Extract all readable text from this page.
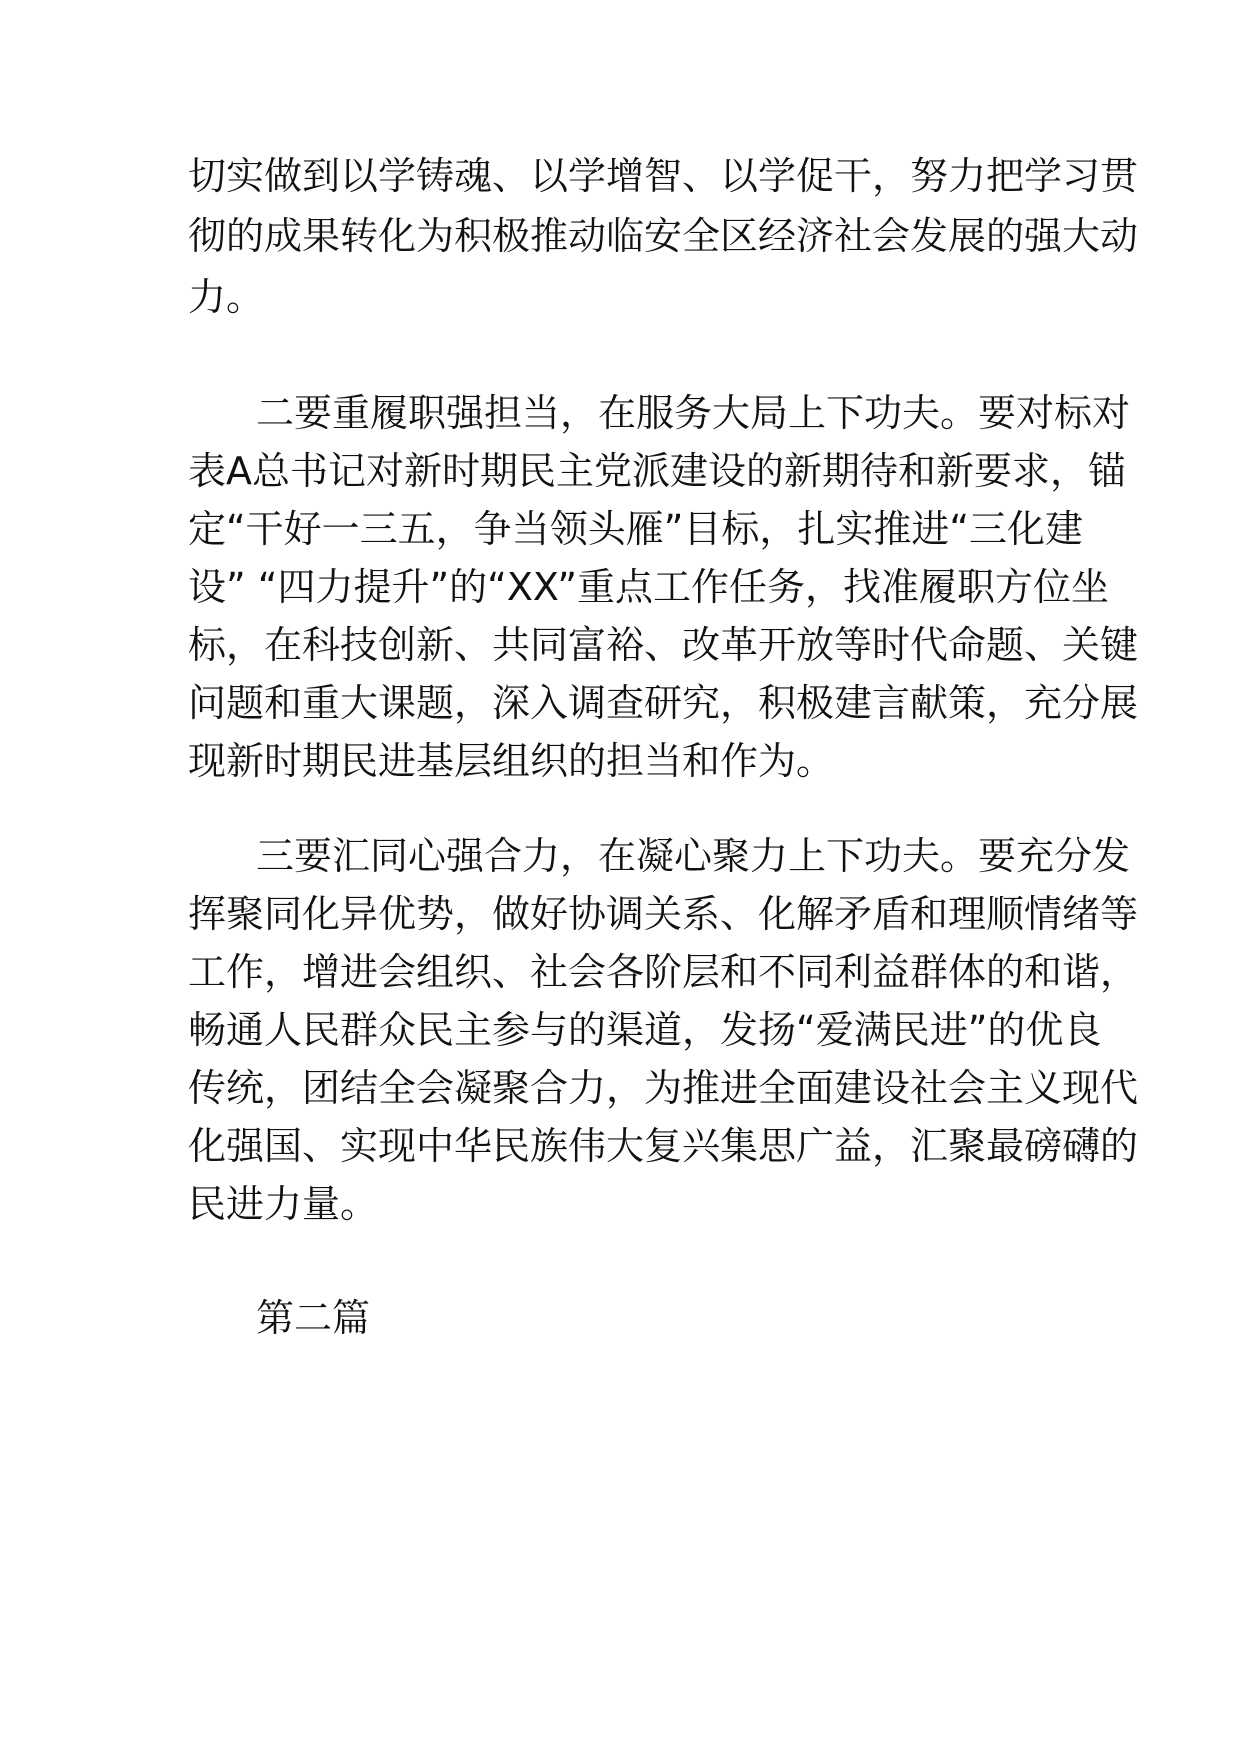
切实做到以学铸魂、以学增智、以学促干，努力把学习贯
彻的成果转化为积极推动临安全区经济社会发展的强大动
力。
二要重履职强担当，在服务大局上下功夫。要对标对
表A总书记对新时期民主党派建设的新期待和新要求，锚
定“干好一三五，争当领头雁”目标，扎实推进“三化建
设” “四力提升”的“XX”重点工作任务，找准履职方位坐
标，在科技创新、共同富裕、改革开放等时代命题、关键
问题和重大课题，深入调查研究，积极建言献策，充分展
现新时期民进基层组织的担当和作为。
三要汇同心强合力，在凝心聚力上下功夫。要充分发
挥聚同化异优势，做好协调关系、化解矛盾和理顺情绪等
工作，增进会组织、社会各阶层和不同利益群体的和谐，
畅通人民群众民主参与的渠道，发扬“爱满民进”的优良
传统，团结全会凝聚合力，为推进全面建设社会主义现代
化强国、实现中华民族伟大复兴集思广益，汇聚最磅礴的
民进力量。
第二篇
